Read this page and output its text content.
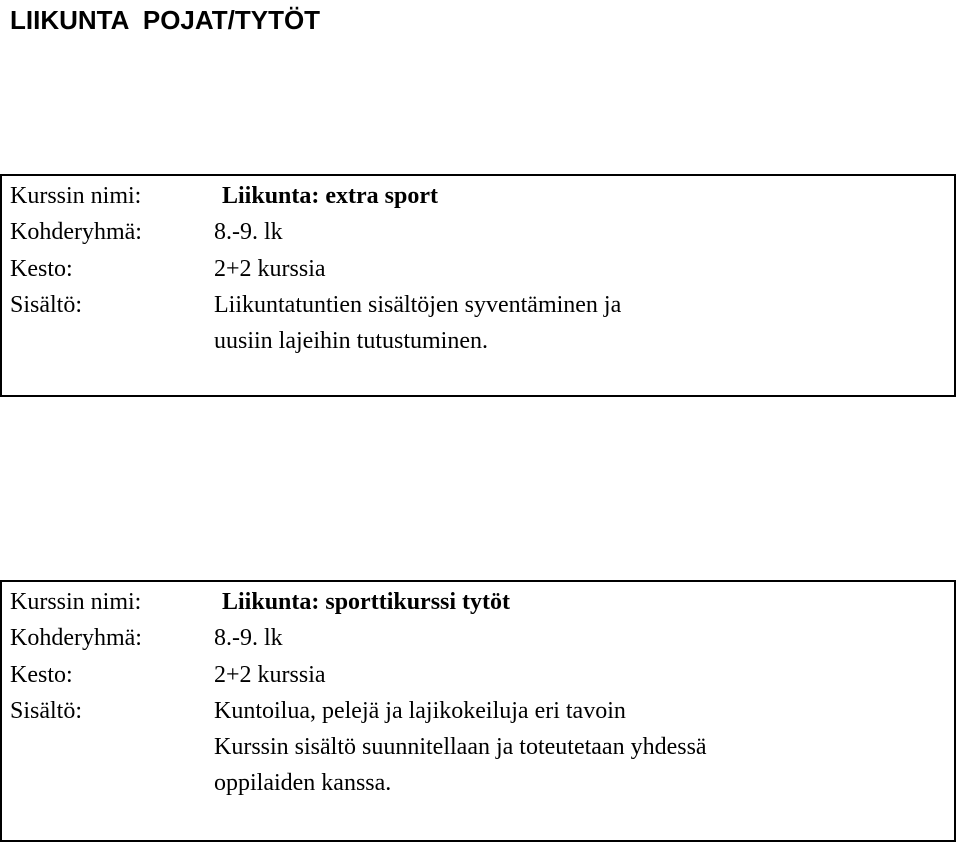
LIIKUNTA  POJAT/TYTÖT
Kurssin nimi:	Liikunta: extra sport
Kohderyhmä:	8.-9. lk
Kesto:	2+2 kurssia
Sisältö:	Liikuntatuntien sisältöjen syventäminen ja
uusiin lajeihin tutustuminen.
Kurssin nimi:	Liikunta: sporttikurssi tytöt
Kohderyhmä:	8.-9. lk
Kesto:	2+2 kurssia
Sisältö:	Kuntoilua, pelejä ja lajikokeiluja eri tavoin
Kurssin sisältö suunnitellaan ja toteutetaan yhdessä
oppilaiden kanssa.
